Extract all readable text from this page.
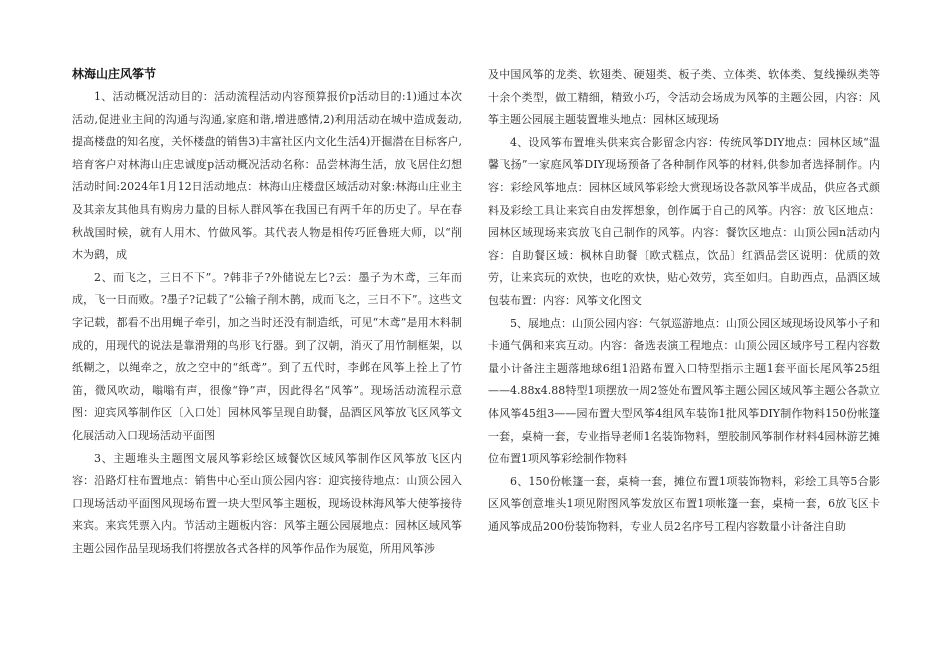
林海山庄风筝节

1、活动概况活动目的：活动流程活动内容预算报价p活动目的:1)通过本次活动,促进业主间的沟通与沟通,家庭和谐,增进感情,2)利用活动在城中造成轰动,提高楼盘的知名度，关怀楼盘的销售3)丰富社区内文化生活4)开掘潜在目标客户,培育客户对林海山庄忠诚度p活动概况活动名称：品尝林海生活，放飞居住幻想活动时间:2024年1月12日活动地点：林海山庄楼盘区域活动对象:林海山庄业主及其亲友其他具有购房力量的目标人群风筝在我国已有两千年的历史了。早在春秋战国时候，就有人用木、竹做风筝。其代表人物是相传巧匠鲁班大师，以“削木为鹞，成

2、而飞之，三日不下”。?韩非子?外储说左匕?云：墨子为木鸢，三年而成，飞一日而败。?墨子?记载了“公输子削木鹊，成而飞之，三日不下”。这些文字记载，都看不出用蝇子牵引，加之当时还没有制造纸，可见“木鸢”是用木料制成的，用现代的说法是靠滑翔的鸟形飞行器。到了汉朝，消灭了用竹制框架，以纸糊之，以绳牵之，放之空中的“纸鸢”。到了五代时，李邺在风筝上拴上了竹笛，微风吹动，嗡嗡有声，很像“铮”声，因此得名“风筝”。现场活动流程示意图：迎宾风筝制作区〔入口处〕园林风筝呈现自助餐，品酒区风筝放飞区风筝文化展活动入口现场活动平面图

3、主题堆头主题图文展风筝彩绘区域餐饮区域风筝制作区风筝放飞区内容：沿路灯柱布置地点：销售中心至山顶公园内容：迎宾接待地点：山顶公园入口现场活动平面图风现场布置一块大型风筝主题板，现场设林海风筝大使筝接待来宾。来宾凭票入内。节活动主题板内容：风筝主题公园展地点：园林区域风筝主题公园作品呈现场我们将摆放各式各样的风筝作品作为展览，所用风筝涉

及中国风筝的龙类、软翅类、硬翅类、板子类、立体类、软体类、复线操纵类等十余个类型，做工精细，精致小巧，令活动会场成为风筝的主题公园，内容：风筝主题公园展主题装置堆头地点：园林区域现场

4、设风筝布置堆头供来宾合影留念内容：传统风筝DIY地点：园林区域“温馨飞扬”一家庭风筝DIY现场预备了各种制作风筝的材料,供参加者选择制作。内容：彩绘风筝地点：园林区域风筝彩绘大赏现场设各款风筝半成品，供应各式颜料及彩绘工具让来宾自由发挥想象，创作属于自己的风筝。内容：放飞区地点：园林区域现场来宾放飞自己制作的风筝。内容：餐饮区地点：山顶公园n活动内容：自助餐区域：枫林自助餐〔欧式糕点，饮品〕红酒品尝区说明：优质的效劳，让来宾玩的欢快，也吃的欢快，贴心效劳，宾至如归。自助西点，品酒区域包装布置：内容：风筝文化图文

5、展地点：山顶公园内容：气氛巡游地点：山顶公园区域现场设风筝小子和卡通气偶和来宾互动。内容：备选表演工程地点：山顶公园区域序号工程内容数量小计备注主题落地球6组1沿路布置入口特型指示主题1套平面长尾风筝25组——4.88x4.88特型1项摆放一周2签处布置风筝主题公园区域风筝主题公各款立体风筝45组3——园布置大型风筝4组风车装饰1批风筝DIY制作物料150份帐篷一套，桌椅一套，专业指导老师1名装饰物料，塑胶制风筝制作材料4园林游艺摊位布置1项风筝彩绘制作物料

6、150份帐篷一套，桌椅一套，摊位布置1项装饰物料，彩绘工具等5合影区风筝创意堆头1项见附图风筝发放区布置1项帐篷一套，桌椅一套，6放飞区卡通风筝成品200份装饰物料，专业人员2名序号工程内容数量小计备注自助
